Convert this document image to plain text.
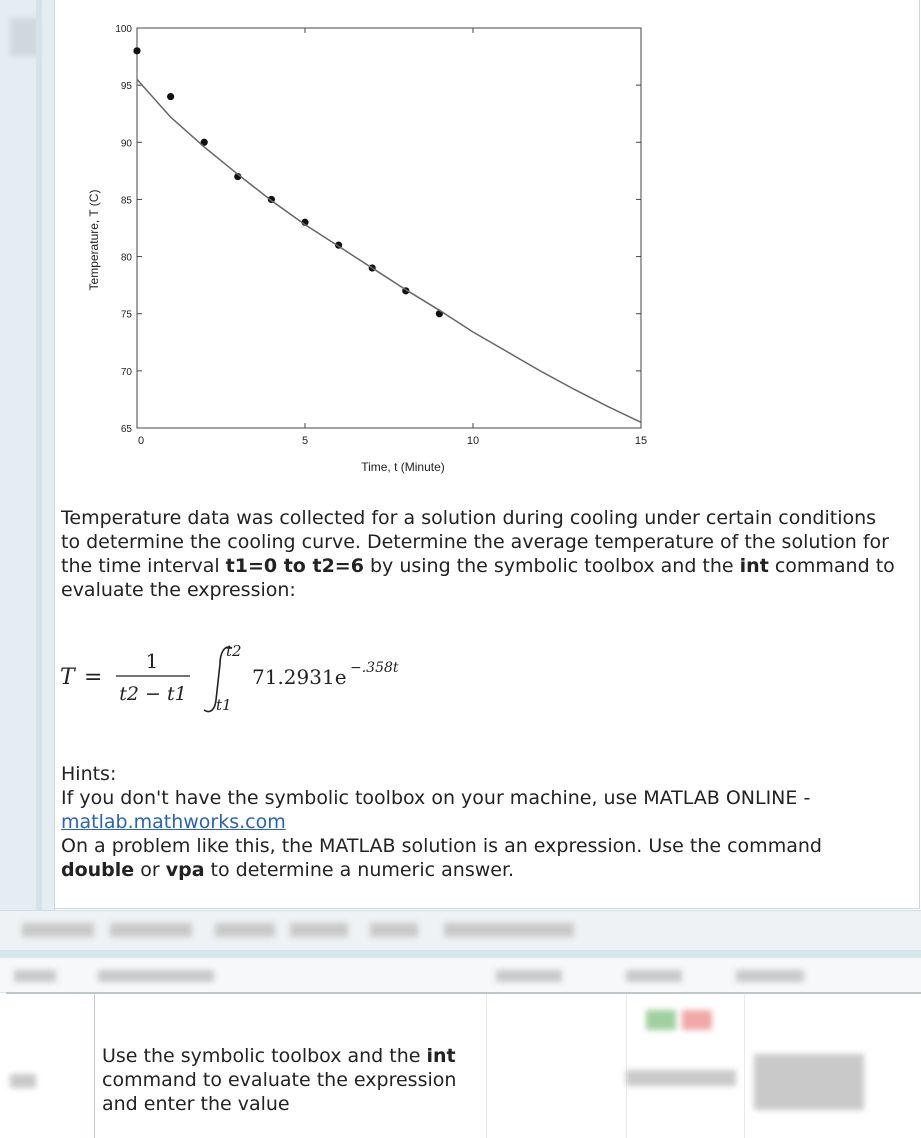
65
70
75
80
85
90
95
100
0	5	10	15
Temperature, T (C)
Time, t (Minute)
Temperature data was collected for a solution during cooling under certain conditions to determine the cooling curve. Determine the average temperature of the solution for the time interval t1=0 to t2=6 by using the symbolic toolbox and the int command to evaluate the expression:
T =
1
t2 − t1
t2
t1
71.2931e −.358t
Hints:
If you don't have the symbolic toolbox on your machine, use MATLAB ONLINE -
matlab.mathworks.com
On a problem like this, the MATLAB solution is an expression. Use the command double or vpa to determine a numeric answer.
Use the symbolic toolbox and the int command to evaluate the expression and enter the value
